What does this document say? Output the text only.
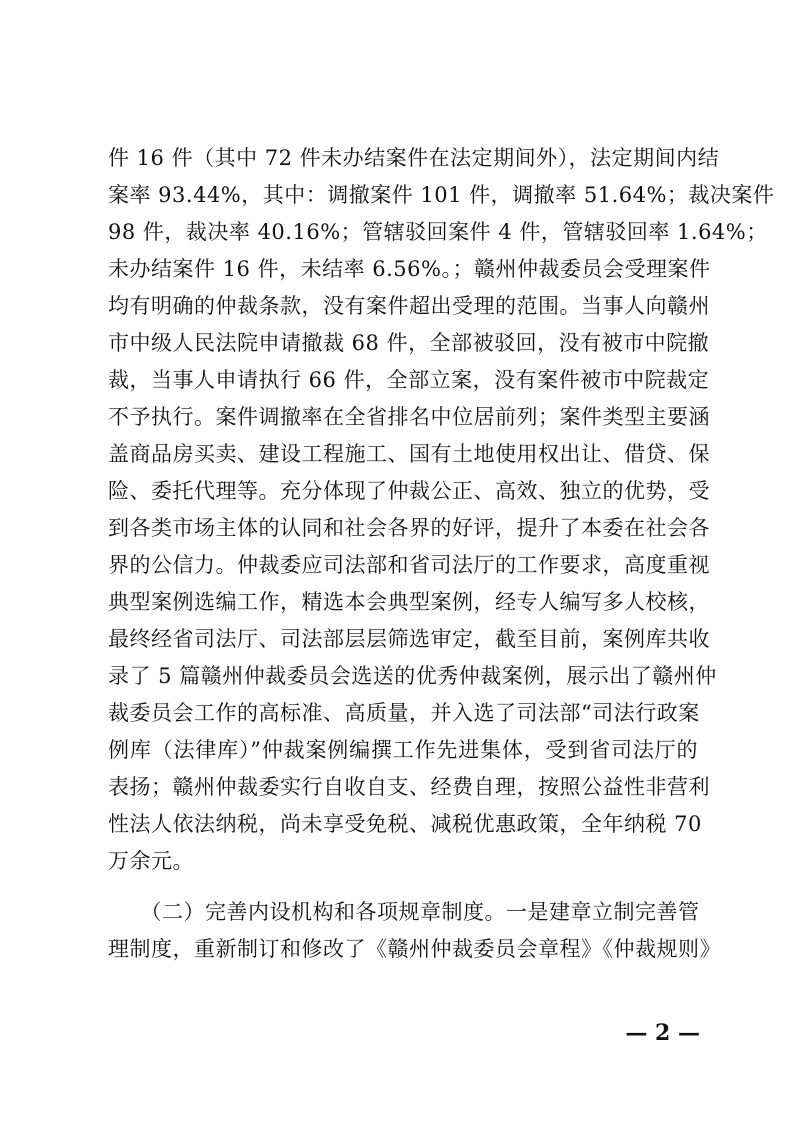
件 16 件（其中 72 件未办结案件在法定期间外），法定期间内结
案率 93.44%，其中：调撤案件 101 件，调撤率 51.64%；裁决案件
98 件，裁决率 40.16%；管辖驳回案件 4 件，管辖驳回率 1.64%；
未办结案件 16 件，未结率 6.56%。；赣州仲裁委员会受理案件
均有明确的仲裁条款，没有案件超出受理的范围。当事人向赣州
市中级人民法院申请撤裁 68 件，全部被驳回，没有被市中院撤
裁，当事人申请执行 66 件，全部立案，没有案件被市中院裁定
不予执行。案件调撤率在全省排名中位居前列；案件类型主要涵
盖商品房买卖、建设工程施工、国有土地使用权出让、借贷、保
险、委托代理等。充分体现了仲裁公正、高效、独立的优势，受
到各类市场主体的认同和社会各界的好评，提升了本委在社会各
界的公信力。仲裁委应司法部和省司法厅的工作要求，高度重视
典型案例选编工作，精选本会典型案例，经专人编写多人校核，
最终经省司法厅、司法部层层筛选审定，截至目前，案例库共收
录了 5 篇赣州仲裁委员会选送的优秀仲裁案例，展示出了赣州仲
裁委员会工作的高标准、高质量，并入选了司法部“司法行政案
例库（法律库）”仲裁案例编撰工作先进集体，受到省司法厅的
表扬；赣州仲裁委实行自收自支、经费自理，按照公益性非营利
性法人依法纳税，尚未享受免税、减税优惠政策，全年纳税 70
万余元。
　　（二）完善内设机构和各项规章制度。一是建章立制完善管
理制度，重新制订和修改了《赣州仲裁委员会章程》《仲裁规则》
— 2 —
